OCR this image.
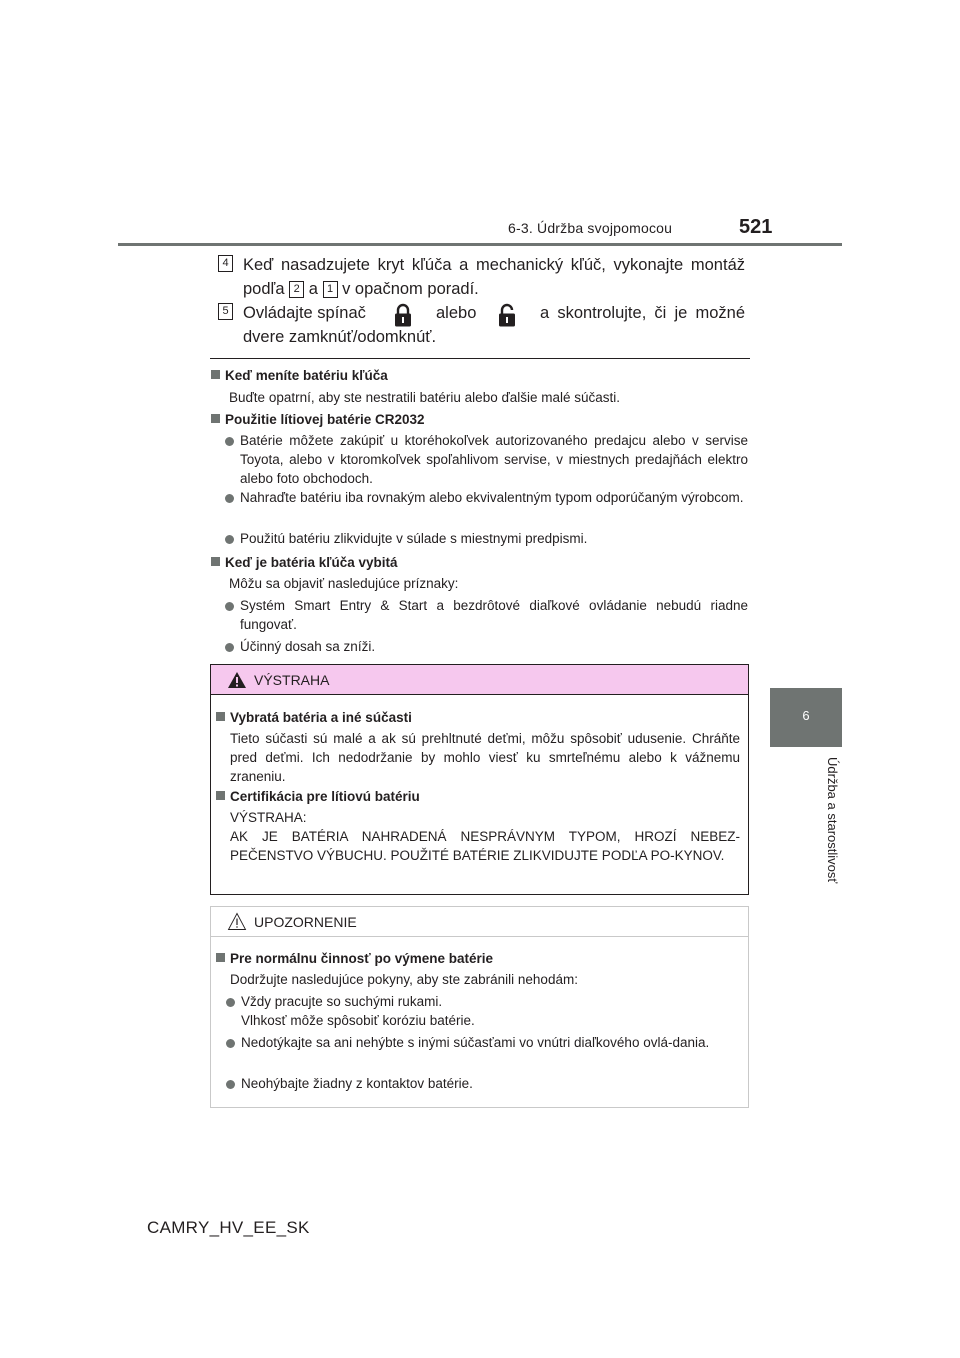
6-3. Údržba svojpomocou	521
6
Údržba a starostlivosť
4 Keď nasadzujete kryt kľúča a mechanický kľúč, vykonajte montáž
podľa 2 a 1 v opačnom poradí.
5 Ovládajte spínač	alebo	a skontrolujte, či je možné
dvere zamknúť/odomknúť.
Keď meníte batériu kľúča
Buďte opatrní, aby ste nestratili batériu alebo ďalšie malé súčasti.
Použitie lítiovej batérie CR2032
Batérie môžete zakúpiť u ktoréhokoľvek autorizovaného predajcu alebo v servise Toyota, alebo v ktoromkoľvek spoľahlivom servise, v miestnych predajňách elektro alebo foto obchodoch.
Nahraďte batériu iba rovnakým alebo ekvivalentným typom odporúčaným výrobcom.
Použitú batériu zlikvidujte v súlade s miestnymi predpismi.
Keď je batéria kľúča vybitá
Môžu sa objaviť nasledujúce príznaky:
Systém Smart Entry & Start a bezdrôtové diaľkové ovládanie nebudú riadne fungovať.
Účinný dosah sa zníži.
VÝSTRAHA
Vybratá batéria a iné súčasti
Tieto súčasti sú malé a ak sú prehltnuté deťmi, môžu spôsobiť udusenie. Chráňte pred deťmi. Ich nedodržanie by mohlo viesť ku smrteľnému alebo k vážnemu zraneniu.
Certifikácia pre lítiovú batériu
VÝSTRAHA:
AK JE BATÉRIA NAHRADENÁ NESPRÁVNYM TYPOM, HROZÍ NEBEZ-PEČENSTVO VÝBUCHU. POUŽITÉ BATÉRIE ZLIKVIDUJTE PODĽA PO-KYNOV.
UPOZORNENIE
Pre normálnu činnosť po výmene batérie
Dodržujte nasledujúce pokyny, aby ste zabránili nehodám:
Vždy pracujte so suchými rukami.
Vlhkosť môže spôsobiť koróziu batérie.
Nedotýkajte sa ani nehýbte s inými súčasťami vo vnútri diaľkového ovlá-dania.
Neohýbajte žiadny z kontaktov batérie.
CAMRY_HV_EE_SK
